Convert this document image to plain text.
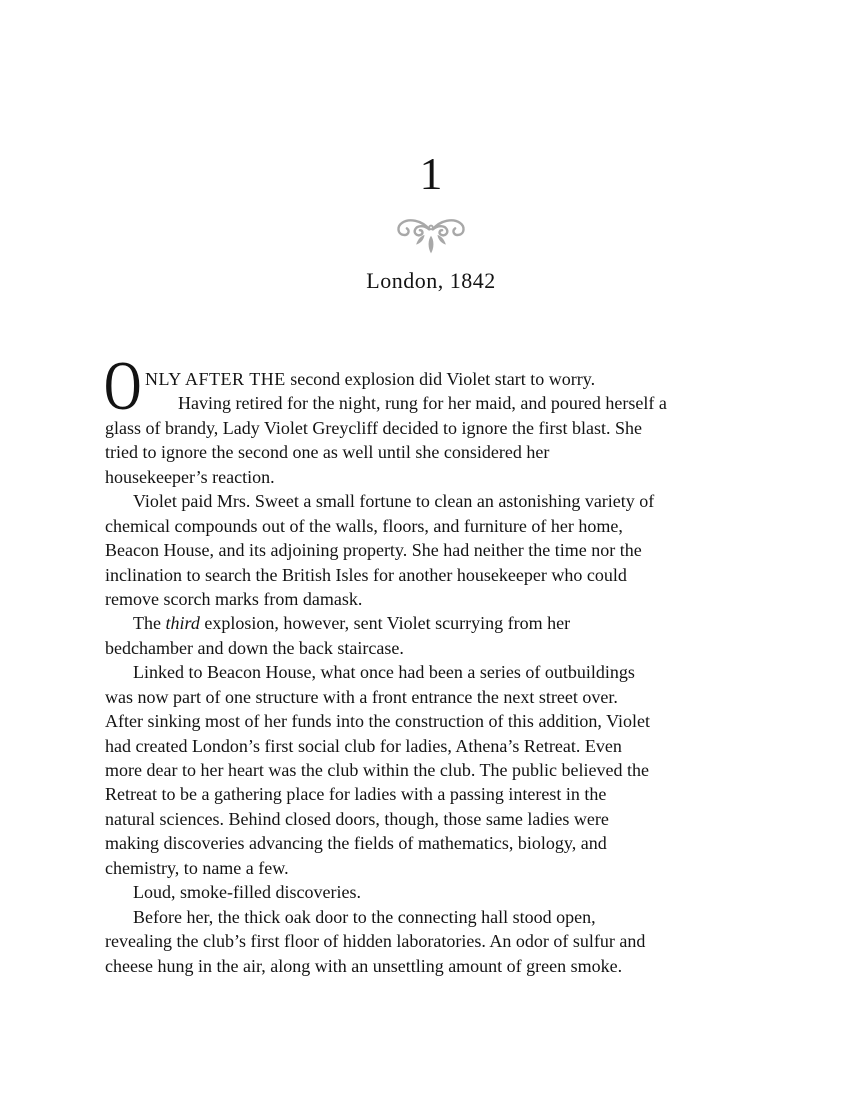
1
London, 1842
O NLY AFTER THE second explosion did Violet start to worry.
Having retired for the night, rung for her maid, and poured herself a
glass of brandy, Lady Violet Greycliff decided to ignore the first blast. She
tried to ignore the second one as well until she considered her
housekeeper’s reaction.
Violet paid Mrs. Sweet a small fortune to clean an astonishing variety of
chemical compounds out of the walls, floors, and furniture of her home,
Beacon House, and its adjoining property. She had neither the time nor the
inclination to search the British Isles for another housekeeper who could
remove scorch marks from damask.
The third explosion, however, sent Violet scurrying from her
bedchamber and down the back staircase.
Linked to Beacon House, what once had been a series of outbuildings
was now part of one structure with a front entrance the next street over.
After sinking most of her funds into the construction of this addition, Violet
had created London’s first social club for ladies, Athena’s Retreat. Even
more dear to her heart was the club within the club. The public believed the
Retreat to be a gathering place for ladies with a passing interest in the
natural sciences. Behind closed doors, though, those same ladies were
making discoveries advancing the fields of mathematics, biology, and
chemistry, to name a few.
Loud, smoke-filled discoveries.
Before her, the thick oak door to the connecting hall stood open,
revealing the club’s first floor of hidden laboratories. An odor of sulfur and
cheese hung in the air, along with an unsettling amount of green smoke.
